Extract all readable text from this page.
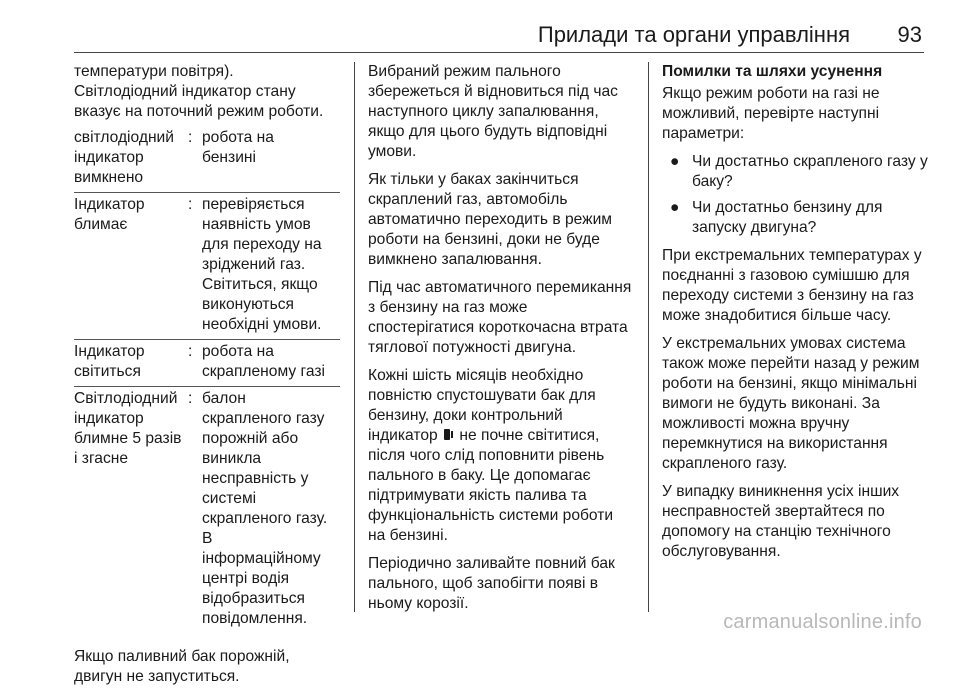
Прилади та органи управління 93

температури повітря).
Світлодіодний індикатор стану вказує на поточний режим роботи.

світлодіодний
індикатор
вимкнено
: робота на
бензині
Індикатор
блимає
: перевіряється
наявність умов
для переходу на
зріджений газ.
Світиться, якщо
виконуються
необхідні умови.
Індикатор
світиться
: робота на
скрапленому газі
Світлодіодний
індикатор
блимне 5 разів
і згасне
: балон
скрапленого газу
порожній або
виникла
несправність у
системі
скрапленого газу.
В
інформаційному
центрі водія
відобразиться
повідомлення.

Якщо паливний бак порожній, двигун не запуститься.

Вибраний режим пального збережеться й відновиться під час наступного циклу запалювання, якщо для цього будуть відповідні умови.

Як тільки у баках закінчиться скраплений газ, автомобіль автоматично переходить в режим роботи на бензині, доки не буде вимкнено запалювання.

Під час автоматичного перемикання з бензину на газ може спостерігатися короткочасна втрата тяглової потужності двигуна.

Кожні шість місяців необхідно повністю спустошувати бак для бензину, доки контрольний індикатор не почне світитися, після чого слід поповнити рівень пального в баку. Це допомагає підтримувати якість палива та функціональність системи роботи на бензині.

Періодично заливайте повний бак пального, щоб запобігти появі в ньому корозії.

Помилки та шляхи усунення

Якщо режим роботи на газі не можливий, перевірте наступні параметри:

● Чи достатньо скрапленого газу у баку?
● Чи достатньо бензину для запуску двигуна?

При екстремальних температурах у поєднанні з газовою сумішшю для переходу системи з бензину на газ може знадобитися більше часу.

У екстремальних умовах система також може перейти назад у режим роботи на бензині, якщо мінімальні вимоги не будуть виконані. За можливості можна вручну перемкнутися на використання скрапленого газу.

У випадку виникнення усіх інших несправностей звертайтеся по допомогу на станцію технічного обслуговування.

carmanualsonline.info
